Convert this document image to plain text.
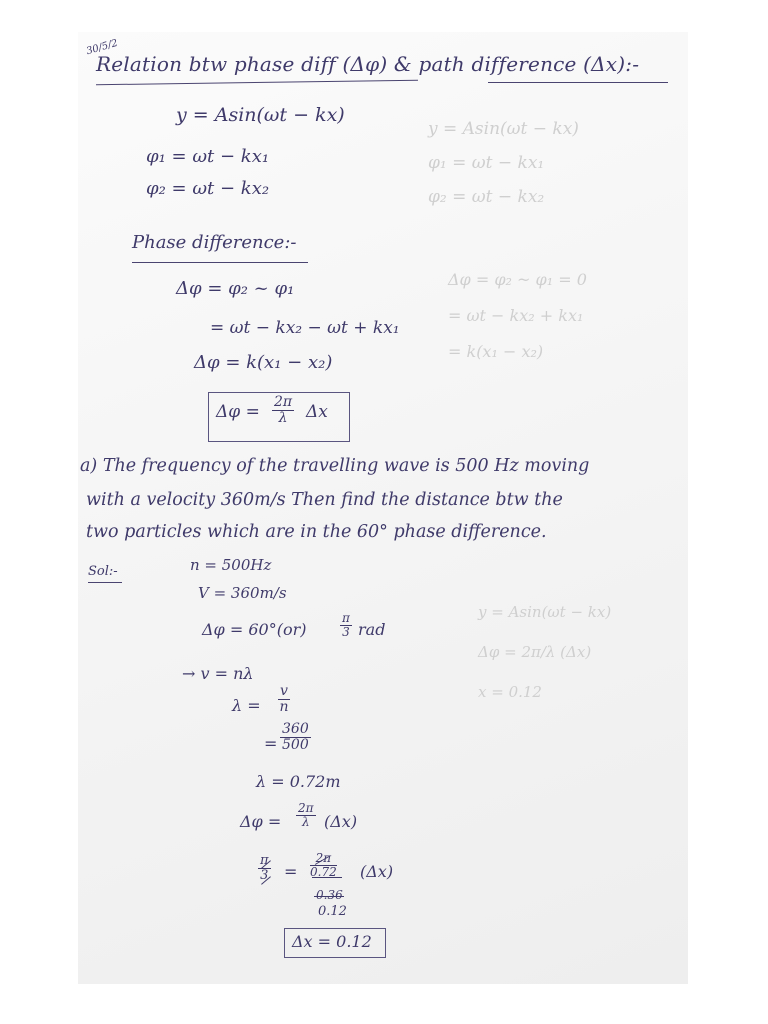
y = Asin(ωt − kx)
φ₁ = ωt − kx₁
φ₂ = ωt − kx₂
Δφ = φ₂ ~ φ₁ = 0
= ωt − kx₂ + kx₁
= k(x₁ − x₂)
y = Asin(ωt − kx)
Δφ = 2π/λ (Δx)
x = 0.12
30/5/2
Relation btw phase diff (Δφ) & path difference (Δx):-
y = Asin(ωt − kx)
φ₁ = ωt − kx₁
φ₂ = ωt − kx₂
Phase difference:-
Δφ = φ₂ ~ φ₁
= ωt − kx₂ − ωt + kx₁
Δφ = k(x₁ − x₂)
$\Delta\varphi = \frac{2\pi}{\lambda}$ Δx
a) The frequency of the travelling wave is 500 Hz moving
with a velocity 360m/s Then find the distance btw the
two particles which are in the 60° phase difference.
Sol:-	n = 500Hz
V = 360m/s
Δφ = 60°(or)	$\frac{\pi}{3}$ rad
→ v = nλ
$\lambda = \frac{v}{n}$
= $\frac{360}{500}$
λ = 0.72m
$\Delta\varphi = \frac{2\pi}{\lambda} (\Delta x)$
$\frac{\pi}{3} = \frac{2\pi}{0.72} (\Delta x)$
0.36
0.12
Δx = 0.12
